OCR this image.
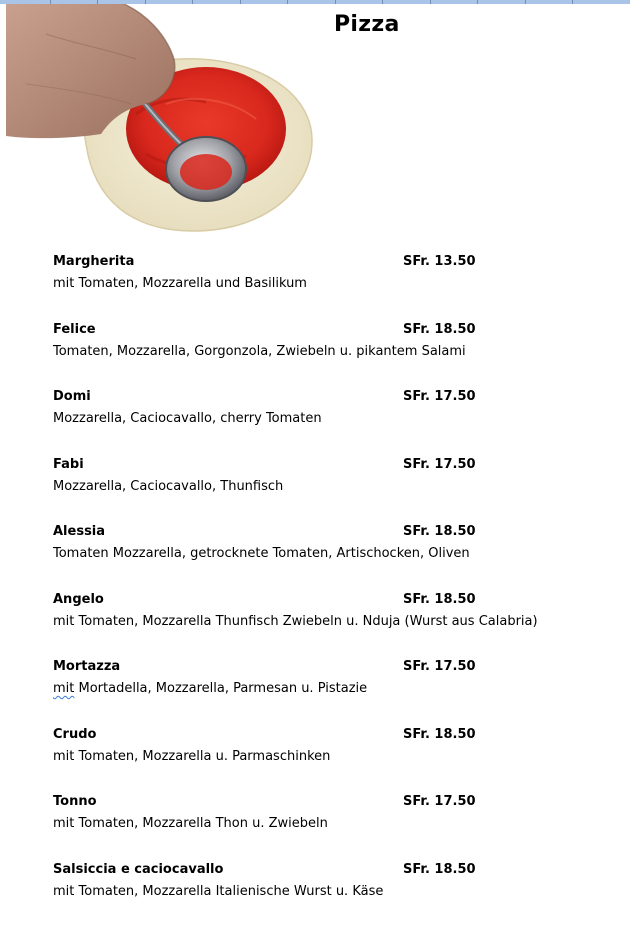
Pizza
Margherita	SFr. 13.50
mit Tomaten, Mozzarella und Basilikum
Felice	SFr. 18.50
Tomaten, Mozzarella, Gorgonzola, Zwiebeln u. pikantem Salami
Domi	SFr. 17.50
Mozzarella, Caciocavallo, cherry Tomaten
Fabi	SFr. 17.50
Mozzarella, Caciocavallo, Thunfisch
Alessia	SFr. 18.50
Tomaten Mozzarella, getrocknete Tomaten, Artischocken, Oliven
Angelo	SFr. 18.50
mit Tomaten, Mozzarella Thunfisch Zwiebeln u. Nduja (Wurst aus Calabria)
Mortazza	SFr. 17.50
mit Mortadella, Mozzarella, Parmesan u. Pistazie
Crudo	SFr. 18.50
mit Tomaten, Mozzarella u. Parmaschinken
Tonno	SFr. 17.50
mit Tomaten, Mozzarella Thon u. Zwiebeln
Salsiccia e caciocavallo	SFr. 18.50
mit Tomaten, Mozzarella Italienische Wurst u. Käse
